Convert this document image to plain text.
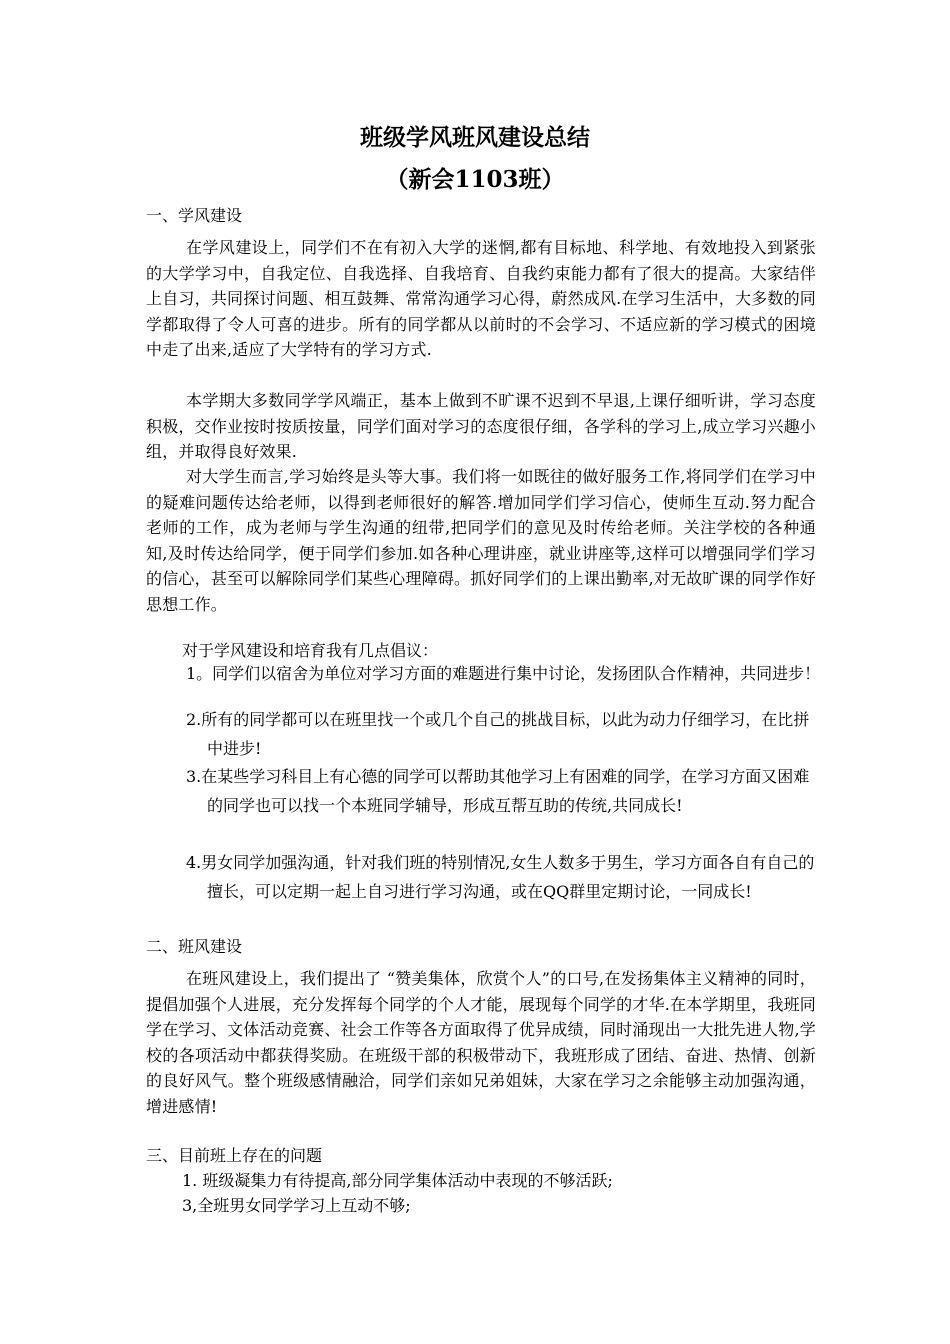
班级学风班风建设总结
（新会1103班）

一、学风建设

在学风建设上，同学们不在有初入大学的迷惘,都有目标地、科学地、有效地投入到紧张的大学学习中，自我定位、自我选择、自我培育、自我约束能力都有了很大的提高。大家结伴上自习，共同探讨问题、相互鼓舞、常常沟通学习心得，蔚然成风.在学习生活中，大多数的同学都取得了令人可喜的进步。所有的同学都从以前时的不会学习、不适应新的学习模式的困境中走了出来,适应了大学特有的学习方式.

本学期大多数同学学风端正，基本上做到不旷课不迟到不早退,上课仔细听讲，学习态度积极，交作业按时按质按量，同学们面对学习的态度很仔细，各学科的学习上,成立学习兴趣小组，并取得良好效果.

对大学生而言,学习始终是头等大事。我们将一如既往的做好服务工作,将同学们在学习中的疑难问题传达给老师，以得到老师很好的解答.增加同学们学习信心，使师生互动.努力配合老师的工作，成为老师与学生沟通的纽带,把同学们的意见及时传给老师。关注学校的各种通知,及时传达给同学，便于同学们参加.如各种心理讲座，就业讲座等,这样可以增强同学们学习的信心，甚至可以解除同学们某些心理障碍。抓好同学们的上课出勤率,对无故旷课的同学作好思想工作。

对于学风建设和培育我有几点倡议：

1。同学们以宿舍为单位对学习方面的难题进行集中讨论，发扬团队合作精神，共同进步！

2.所有的同学都可以在班里找一个或几个自己的挑战目标，以此为动力仔细学习，在比拼中进步!

3.在某些学习科目上有心德的同学可以帮助其他学习上有困难的同学，在学习方面又困难的同学也可以找一个本班同学辅导，形成互帮互助的传统,共同成长!

4.男女同学加强沟通，针对我们班的特别情况,女生人数多于男生，学习方面各自有自己的擅长，可以定期一起上自习进行学习沟通，或在QQ群里定期讨论，一同成长!

二、班风建设

在班风建设上，我们提出了 “赞美集体，欣赏个人”的口号,在发扬集体主义精神的同时，提倡加强个人进展，充分发挥每个同学的个人才能，展现每个同学的才华.在本学期里，我班同学在学习、文体活动竞赛、社会工作等各方面取得了优异成绩，同时涌现出一大批先进人物,学校的各项活动中都获得奖励。在班级干部的积极带动下，我班形成了团结、奋进、热情、创新的良好风气。整个班级感情融洽，同学们亲如兄弟姐妹，大家在学习之余能够主动加强沟通，增进感情!

三、目前班上存在的问题

1. 班级凝集力有待提高,部分同学集体活动中表现的不够活跃;

3,全班男女同学学习上互动不够;
